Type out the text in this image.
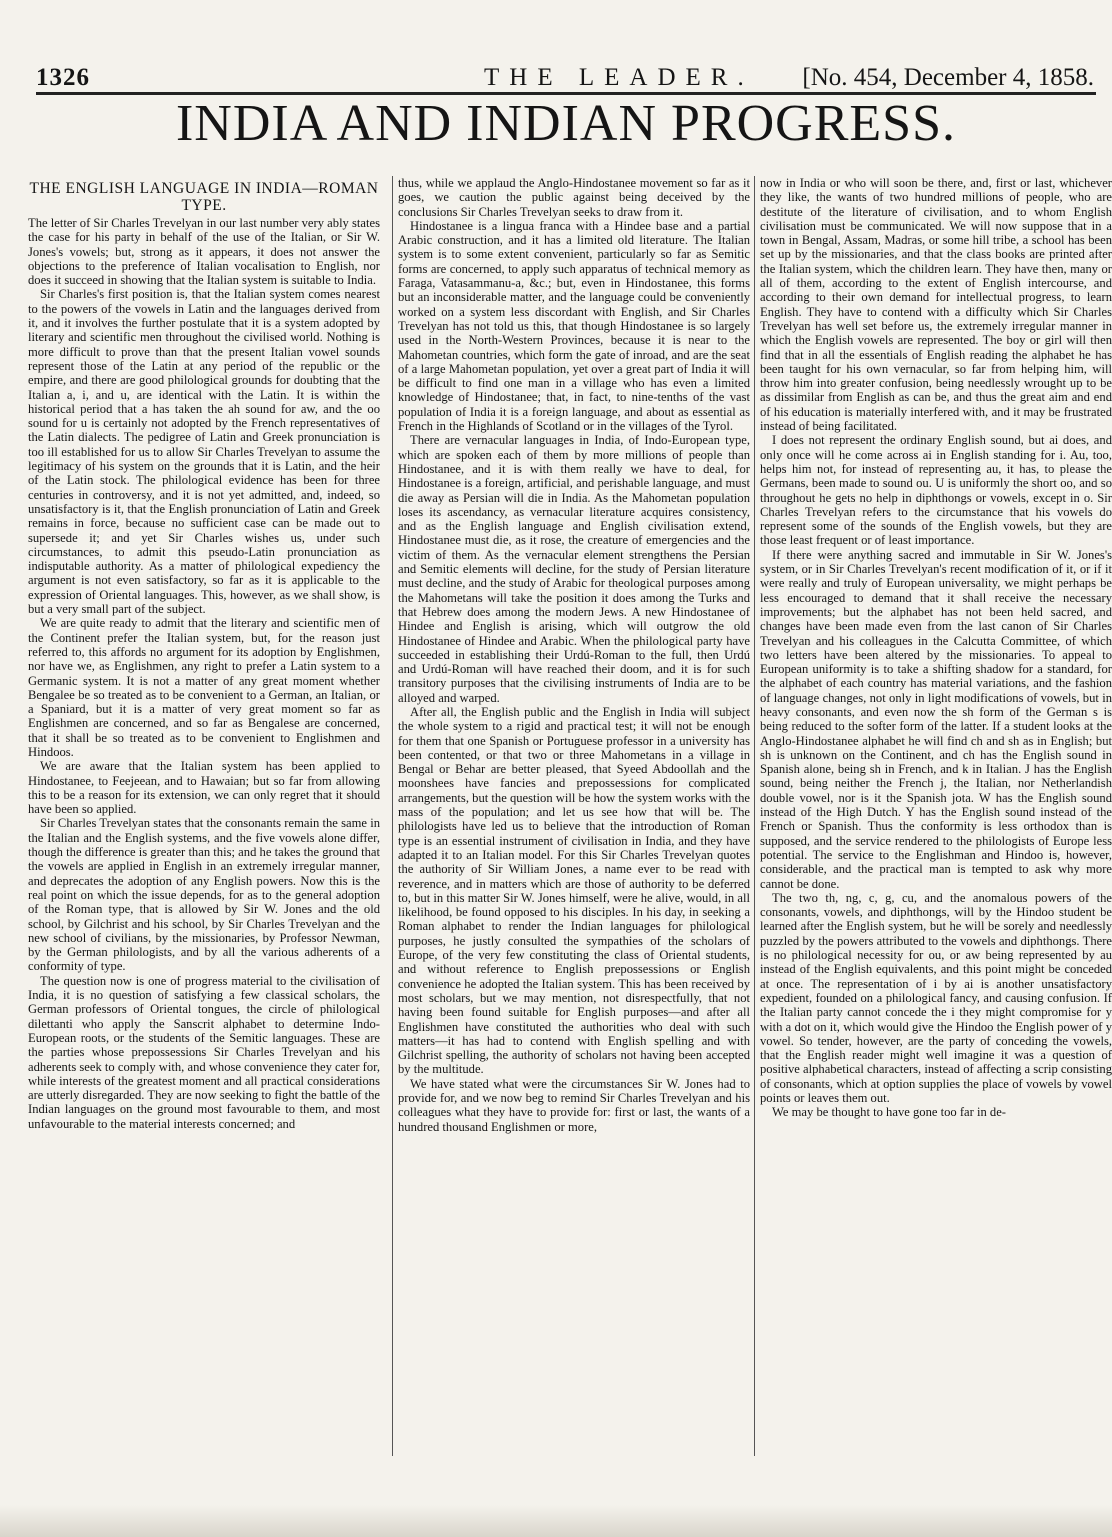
1326	THE LEADER. [No. 454, December 4, 1858.
INDIA AND INDIAN PROGRESS.
THE ENGLISH LANGUAGE IN INDIA—ROMAN TYPE.

The letter of Sir Charles Trevelyan in our last number very ably states the case for his party in behalf of the use of the Italian, or Sir W. Jones's vowels; but, strong as it appears, it does not answer the objections to the preference of Italian vocalisation to English, nor does it succeed in showing that the Italian system is suitable to India.

Sir Charles's first position is, that the Italian system comes nearest to the powers of the vowels in Latin and the languages derived from it, and it involves the further postulate that it is a system adopted by literary and scientific men throughout the civilised world. Nothing is more difficult to prove than that the present Italian vowel sounds represent those of the Latin at any period of the republic or the empire, and there are good philological grounds for doubting that the Italian a, i, and u, are identical with the Latin. It is within the historical period that a has taken the ah sound for aw, and the oo sound for u is certainly not adopted by the French representatives of the Latin dialects. The pedigree of Latin and Greek pronunciation is too ill established for us to allow Sir Charles Trevelyan to assume the legitimacy of his system on the grounds that it is Latin, and the heir of the Latin stock. The philological evidence has been for three centuries in controversy, and it is not yet admitted, and, indeed, so unsatisfactory is it, that the English pronunciation of Latin and Greek remains in force, because no sufficient case can be made out to supersede it; and yet Sir Charles wishes us, under such circumstances, to admit this pseudo-Latin pronunciation as indisputable authority. As a matter of philological expediency the argument is not even satisfactory, so far as it is applicable to the expression of Oriental languages. This, however, as we shall show, is but a very small part of the subject.

We are quite ready to admit that the literary and scientific men of the Continent prefer the Italian system, but, for the reason just referred to, this affords no argument for its adoption by Englishmen, nor have we, as Englishmen, any right to prefer a Latin system to a Germanic system. It is not a matter of any great moment whether Bengalee be so treated as to be convenient to a German, an Italian, or a Spaniard, but it is a matter of very great moment so far as Englishmen are concerned, and so far as Bengalese are concerned, that it shall be so treated as to be convenient to Englishmen and Hindoos.

We are aware that the Italian system has been applied to Hindostanee, to Feejeean, and to Hawaian; but so far from allowing this to be a reason for its extension, we can only regret that it should have been so applied.

Sir Charles Trevelyan states that the consonants remain the same in the Italian and the English systems, and the five vowels alone differ, though the difference is greater than this; and he takes the ground that the vowels are applied in English in an extremely irregular manner, and deprecates the adoption of any English powers. Now this is the real point on which the issue depends, for as to the general adoption of the Roman type, that is allowed by Sir W. Jones and the old school, by Gilchrist and his school, by Sir Charles Trevelyan and the new school of civilians, by the missionaries, by Professor Newman, by the German philologists, and by all the various adherents of a conformity of type.

The question now is one of progress material to the civilisation of India, it is no question of satisfying a few classical scholars, the German professors of Oriental tongues, the circle of philological dilettanti who apply the Sanscrit alphabet to determine Indo-European roots, or the students of the Semitic languages. These are the parties whose prepossessions Sir Charles Trevelyan and his adherents seek to comply with, and whose convenience they cater for, while interests of the greatest moment and all practical considerations are utterly disregarded. They are now seeking to fight the battle of the Indian languages on the ground most favourable to them, and most unfavourable to the material interests concerned; and

thus, while we applaud the Anglo-Hindostanee movement so far as it goes, we caution the public against being deceived by the conclusions Sir Charles Trevelyan seeks to draw from it.

Hindostanee is a lingua franca with a Hindee base and a partial Arabic construction, and it has a limited old literature. The Italian system is to some extent convenient, particularly so far as Semitic forms are concerned, to apply such apparatus of technical memory as Faraga, Vatasammanu-a, &c.; but, even in Hindostanee, this forms but an inconsiderable matter, and the language could be conveniently worked on a system less discordant with English, and Sir Charles Trevelyan has not told us this, that though Hindostanee is so largely used in the North-Western Provinces, because it is near to the Mahometan countries, which form the gate of inroad, and are the seat of a large Mahometan population, yet over a great part of India it will be difficult to find one man in a village who has even a limited knowledge of Hindostanee; that, in fact, to nine-tenths of the vast population of India it is a foreign language, and about as essential as French in the Highlands of Scotland or in the villages of the Tyrol.

There are vernacular languages in India, of Indo-European type, which are spoken each of them by more millions of people than Hindostanee, and it is with them really we have to deal, for Hindostanee is a foreign, artificial, and perishable language, and must die away as Persian will die in India. As the Mahometan population loses its ascendancy, as vernacular literature acquires consistency, and as the English language and English civilisation extend, Hindostanee must die, as it rose, the creature of emergencies and the victim of them. As the vernacular element strengthens the Persian and Semitic elements will decline, for the study of Persian literature must decline, and the study of Arabic for theological purposes among the Mahometans will take the position it does among the Turks and that Hebrew does among the modern Jews. A new Hindostanee of Hindee and English is arising, which will outgrow the old Hindostanee of Hindee and Arabic. When the philological party have succeeded in establishing their Urdú-Roman to the full, then Urdú and Urdú-Roman will have reached their doom, and it is for such transitory purposes that the civilising instruments of India are to be alloyed and warped.

After all, the English public and the English in India will subject the whole system to a rigid and practical test; it will not be enough for them that one Spanish or Portuguese professor in a university has been contented, or that two or three Mahometans in a village in Bengal or Behar are better pleased, that Syeed Abdoollah and the moonshees have fancies and prepossessions for complicated arrangements, but the question will be how the system works with the mass of the population; and let us see how that will be. The philologists have led us to believe that the introduction of Roman type is an essential instrument of civilisation in India, and they have adapted it to an Italian model. For this Sir Charles Trevelyan quotes the authority of Sir William Jones, a name ever to be read with reverence, and in matters which are those of authority to be deferred to, but in this matter Sir W. Jones himself, were he alive, would, in all likelihood, be found opposed to his disciples. In his day, in seeking a Roman alphabet to render the Indian languages for philological purposes, he justly consulted the sympathies of the scholars of Europe, of the very few constituting the class of Oriental students, and without reference to English prepossessions or English convenience he adopted the Italian system. This has been received by most scholars, but we may mention, not disrespectfully, that not having been found suitable for English purposes—and after all Englishmen have constituted the authorities who deal with such matters—it has had to contend with English spelling and with Gilchrist spelling, the authority of scholars not having been accepted by the multitude.

We have stated what were the circumstances Sir W. Jones had to provide for, and we now beg to remind Sir Charles Trevelyan and his colleagues what they have to provide for: first or last, the wants of a hundred thousand Englishmen or more,

now in India or who will soon be there, and, first or last, whichever they like, the wants of two hundred millions of people, who are destitute of the literature of civilisation, and to whom English civilisation must be communicated. We will now suppose that in a town in Bengal, Assam, Madras, or some hill tribe, a school has been set up by the missionaries, and that the class books are printed after the Italian system, which the children learn. They have then, many or all of them, according to the extent of English intercourse, and according to their own demand for intellectual progress, to learn English. They have to contend with a difficulty which Sir Charles Trevelyan has well set before us, the extremely irregular manner in which the English vowels are represented. The boy or girl will then find that in all the essentials of English reading the alphabet he has been taught for his own vernacular, so far from helping him, will throw him into greater confusion, being needlessly wrought up to be as dissimilar from English as can be, and thus the great aim and end of his education is materially interfered with, and it may be frustrated instead of being facilitated.

I does not represent the ordinary English sound, but ai does, and only once will he come across ai in English standing for i. Au, too, helps him not, for instead of representing au, it has, to please the Germans, been made to sound ou. U is uniformly the short oo, and so throughout he gets no help in diphthongs or vowels, except in o. Sir Charles Trevelyan refers to the circumstance that his vowels do represent some of the sounds of the English vowels, but they are those least frequent or of least importance.

If there were anything sacred and immutable in Sir W. Jones's system, or in Sir Charles Trevelyan's recent modification of it, or if it were really and truly of European universality, we might perhaps be less encouraged to demand that it shall receive the necessary improvements; but the alphabet has not been held sacred, and changes have been made even from the last canon of Sir Charles Trevelyan and his colleagues in the Calcutta Committee, of which two letters have been altered by the missionaries. To appeal to European uniformity is to take a shifting shadow for a standard, for the alphabet of each country has material variations, and the fashion of language changes, not only in light modifications of vowels, but in heavy consonants, and even now the sh form of the German s is being reduced to the softer form of the latter. If a student looks at the Anglo-Hindostanee alphabet he will find ch and sh as in English; but sh is unknown on the Continent, and ch has the English sound in Spanish alone, being sh in French, and k in Italian. J has the English sound, being neither the French j, the Italian, nor Netherlandish double vowel, nor is it the Spanish jota. W has the English sound instead of the High Dutch. Y has the English sound instead of the French or Spanish. Thus the conformity is less orthodox than is supposed, and the service rendered to the philologists of Europe less potential. The service to the Englishman and Hindoo is, however, considerable, and the practical man is tempted to ask why more cannot be done.

The two th, ng, c, g, cu, and the anomalous powers of the consonants, vowels, and diphthongs, will by the Hindoo student be learned after the English system, but he will be sorely and needlessly puzzled by the powers attributed to the vowels and diphthongs. There is no philological necessity for ou, or aw being represented by au instead of the English equivalents, and this point might be conceded at once. The representation of i by ai is another unsatisfactory expedient, founded on a philological fancy, and causing confusion. If the Italian party cannot concede the i they might compromise for y with a dot on it, which would give the Hindoo the English power of y vowel. So tender, however, are the party of conceding the vowels, that the English reader might well imagine it was a question of positive alphabetical characters, instead of affecting a scrip consisting of consonants, which at option supplies the place of vowels by vowel points or leaves them out.

We may be thought to have gone too far in de-
